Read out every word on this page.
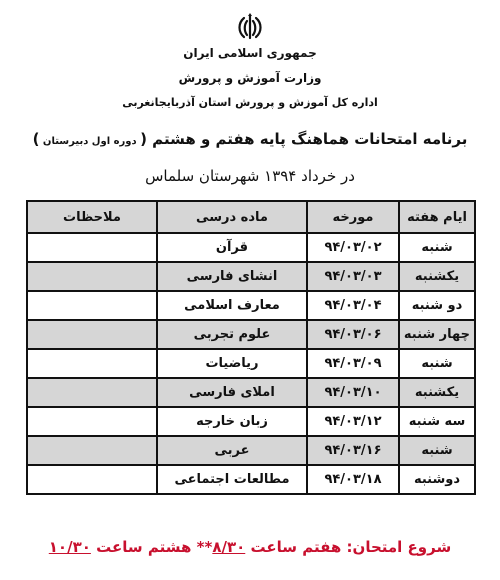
جمهوری اسلامی ایران
وزارت آموزش و پرورش
اداره کل آموزش و پرورش استان آذربایجانغربی
برنامه امتحانات هماهنگ پایه هفتم و هشتم ( دوره اول دبیرستان )
در خرداد ۱۳۹۴ شهرستان سلماس
ایام هفته	مورخه	ماده درسی	ملاحظات
شنبه	۹۴/۰۳/۰۲	قرآن	
یکشنبه	۹۴/۰۳/۰۳	انشای فارسی	
دو شنبه	۹۴/۰۳/۰۴	معارف اسلامی	
چهار شنبه	۹۴/۰۳/۰۶	علوم تجربی	
شنبه	۹۴/۰۳/۰۹	ریاضیات	
یکشنبه	۹۴/۰۳/۱۰	املای فارسی	
سه شنبه	۹۴/۰۳/۱۲	زبان خارجه	
شنبه	۹۴/۰۳/۱۶	عربی	
دوشنبه	۹۴/۰۳/۱۸	مطالعات اجتماعی	
شروع امتحان: هفتم ساعت ۸/۳۰** هشتم ساعت ۱۰/۳۰
